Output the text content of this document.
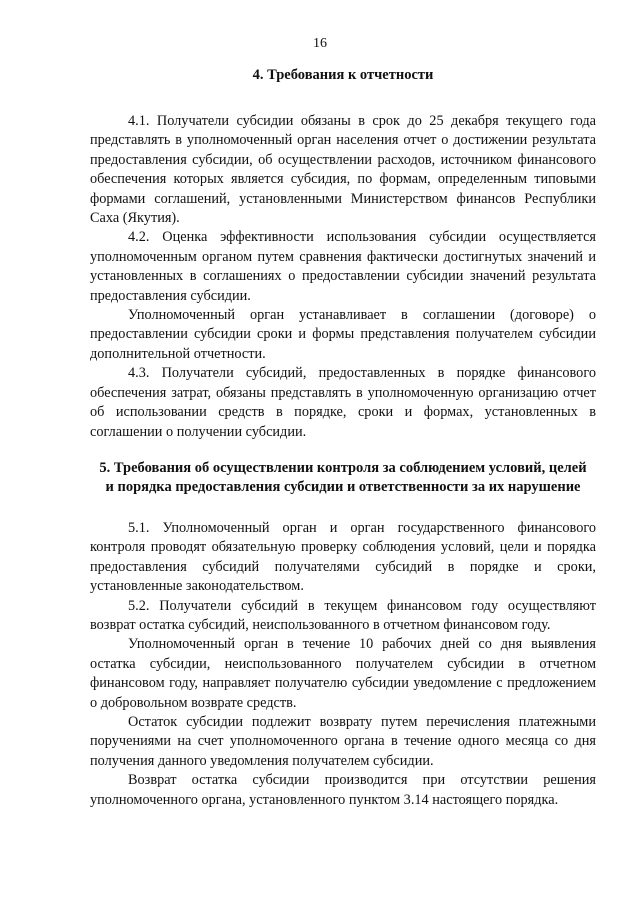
16
4. Требования к отчетности

4.1. Получатели субсидии обязаны в срок до 25 декабря текущего года представлять в уполномоченный орган населения отчет о достижении результата предоставления субсидии, об осуществлении расходов, источником финансового обеспечения которых является субсидия, по формам, определенным типовыми формами соглашений, установленными Министерством финансов Республики Саха (Якутия).

4.2. Оценка эффективности использования субсидии осуществляется уполномоченным органом путем сравнения фактически достигнутых значений и установленных в соглашениях о предоставлении субсидии значений результата предоставления субсидии.

Уполномоченный орган устанавливает в соглашении (договоре) о предоставлении субсидии сроки и формы представления получателем субсидии дополнительной отчетности.

4.3. Получатели субсидий, предоставленных в порядке финансового обеспечения затрат, обязаны представлять в уполномоченную организацию отчет об использовании средств в порядке, сроки и формах, установленных в соглашении о получении субсидии.

5. Требования об осуществлении контроля за соблюдением условий, целей и порядка предоставления субсидии и ответственности за их нарушение

5.1. Уполномоченный орган и орган государственного финансового контроля проводят обязательную проверку соблюдения условий, цели и порядка предоставления субсидий получателями субсидий в порядке и сроки, установленные законодательством.

5.2. Получатели субсидий в текущем финансовом году осуществляют возврат остатка субсидий, неиспользованного в отчетном финансовом году.

Уполномоченный орган в течение 10 рабочих дней со дня выявления остатка субсидии, неиспользованного получателем субсидии в отчетном финансовом году, направляет получателю субсидии уведомление с предложением о добровольном возврате средств.

Остаток субсидии подлежит возврату путем перечисления платежными поручениями на счет уполномоченного органа в течение одного месяца со дня получения данного уведомления получателем субсидии.

Возврат остатка субсидии производится при отсутствии решения уполномоченного органа, установленного пунктом 3.14 настоящего порядка.
